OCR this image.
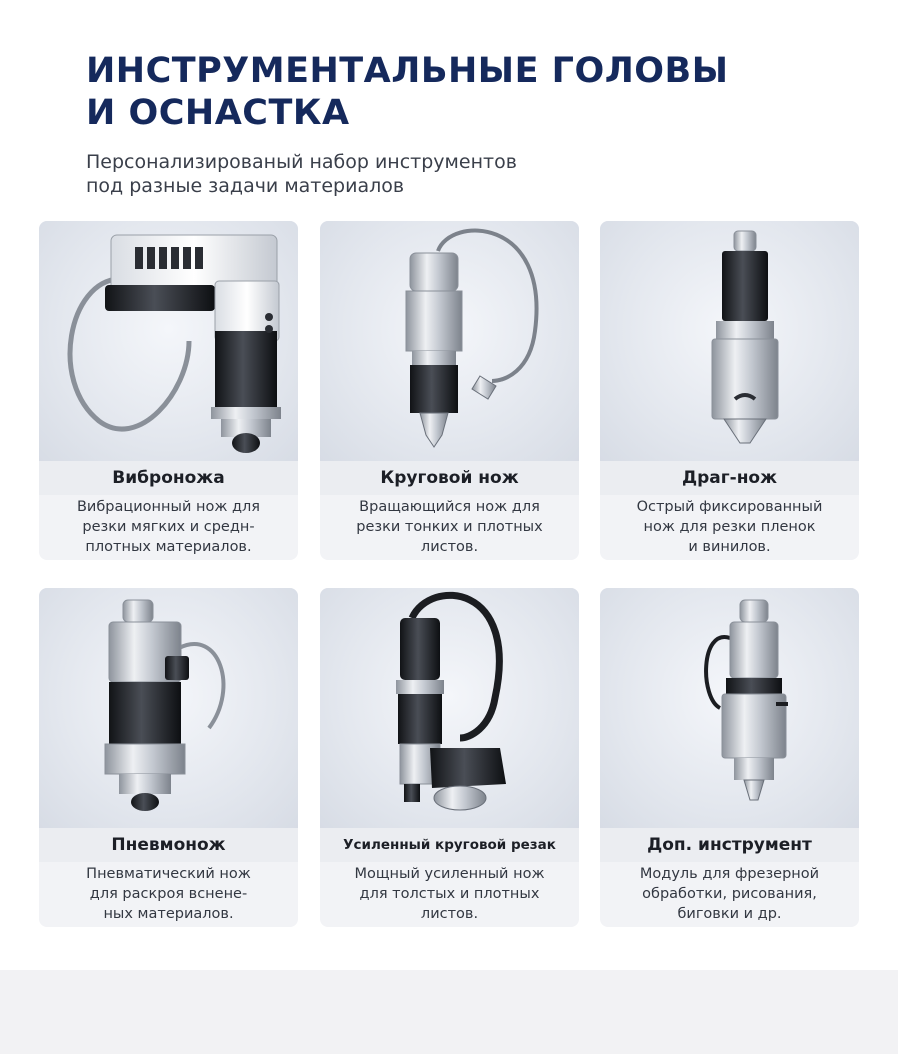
ИНСТРУМЕНТАЛЬНЫЕ ГОЛОВЫ
И ОСНАСТКА

Персонализированый набор инструментов
под разные задачи материалов

Виброножа
Вибрационный нож для
резки мягких и средн-
плотных материалов.
Круговой нож
Вращающийся нож для
резки тонких и плотных
листов.
Драг-нож
Острый фиксированный
нож для резки пленок
и винилов.
Пневмонож
Пневматический нож
для раскроя вснене-
ных материалов.
Усиленный круговой резак
Мощный усиленный нож
для толстых и плотных
листов.
Доп. инструмент
Модуль для фрезерной
обработки, рисования,
биговки и др.
